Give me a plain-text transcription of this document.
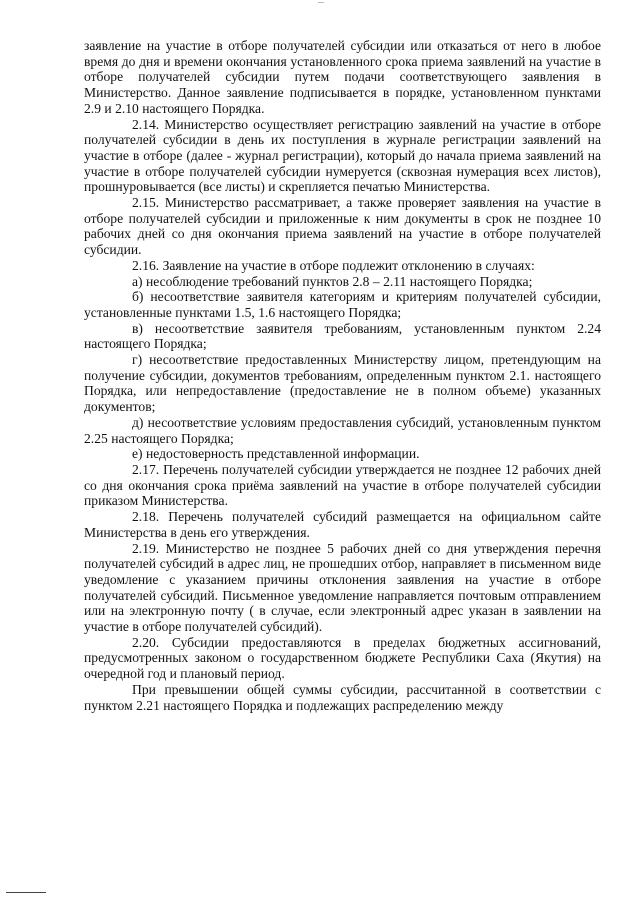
заявление на участие в отборе получателей субсидии или отказаться от него в любое время до дня и времени окончания установленного срока приема заявлений на участие в отборе получателей субсидии путем подачи соответствующего заявления в Министерство. Данное заявление подписывается в порядке, установленном пунктами 2.9 и 2.10 настоящего Порядка.

2.14. Министерство осуществляет регистрацию заявлений на участие в отборе получателей субсидии в день их поступления в журнале регистрации заявлений на участие в отборе (далее - журнал регистрации), который до начала приема заявлений на участие в отборе получателей субсидии нумеруется (сквозная нумерация всех листов), прошнуровывается (все листы) и скрепляется печатью Министерства.

2.15. Министерство рассматривает, а также проверяет заявления на участие в отборе получателей субсидии и приложенные к ним документы в срок не позднее 10 рабочих дней со дня окончания приема заявлений на участие в отборе получателей субсидии.

2.16. Заявление на участие в отборе подлежит отклонению в случаях:

а) несоблюдение требований пунктов 2.8 – 2.11 настоящего Порядка;

б) несоответствие заявителя категориям и критериям получателей субсидии, установленные пунктами 1.5, 1.6 настоящего Порядка;

в) несоответствие заявителя требованиям, установленным пунктом 2.24 настоящего Порядка;

г) несоответствие предоставленных Министерству лицом, претендующим на получение субсидии, документов требованиям, определенным пунктом 2.1. настоящего Порядка, или непредоставление (предоставление не в полном объеме) указанных документов;

д) несоответствие условиям предоставления субсидий, установленным пунктом 2.25 настоящего Порядка;

е) недостоверность представленной информации.

2.17. Перечень получателей субсидии утверждается не позднее 12 рабочих дней со дня окончания срока приёма заявлений на участие в отборе получателей субсидии приказом Министерства.

2.18. Перечень получателей субсидий размещается на официальном сайте Министерства в день его утверждения.

2.19. Министерство не позднее 5 рабочих дней со дня утверждения перечня получателей субсидий в адрес лиц, не прошедших отбор, направляет в письменном виде уведомление с указанием причины отклонения заявления на участие в отборе получателей субсидий. Письменное уведомление направляется почтовым отправлением или на электронную почту ( в случае, если электронный адрес указан в заявлении на участие в отборе получателей субсидий).

2.20. Субсидии предоставляются в пределах бюджетных ассигнований, предусмотренных законом о государственном бюджете Республики Саха (Якутия) на очередной год и плановый период.

При превышении общей суммы субсидии, рассчитанной в соответствии с пунктом 2.21 настоящего Порядка и подлежащих распределению между
